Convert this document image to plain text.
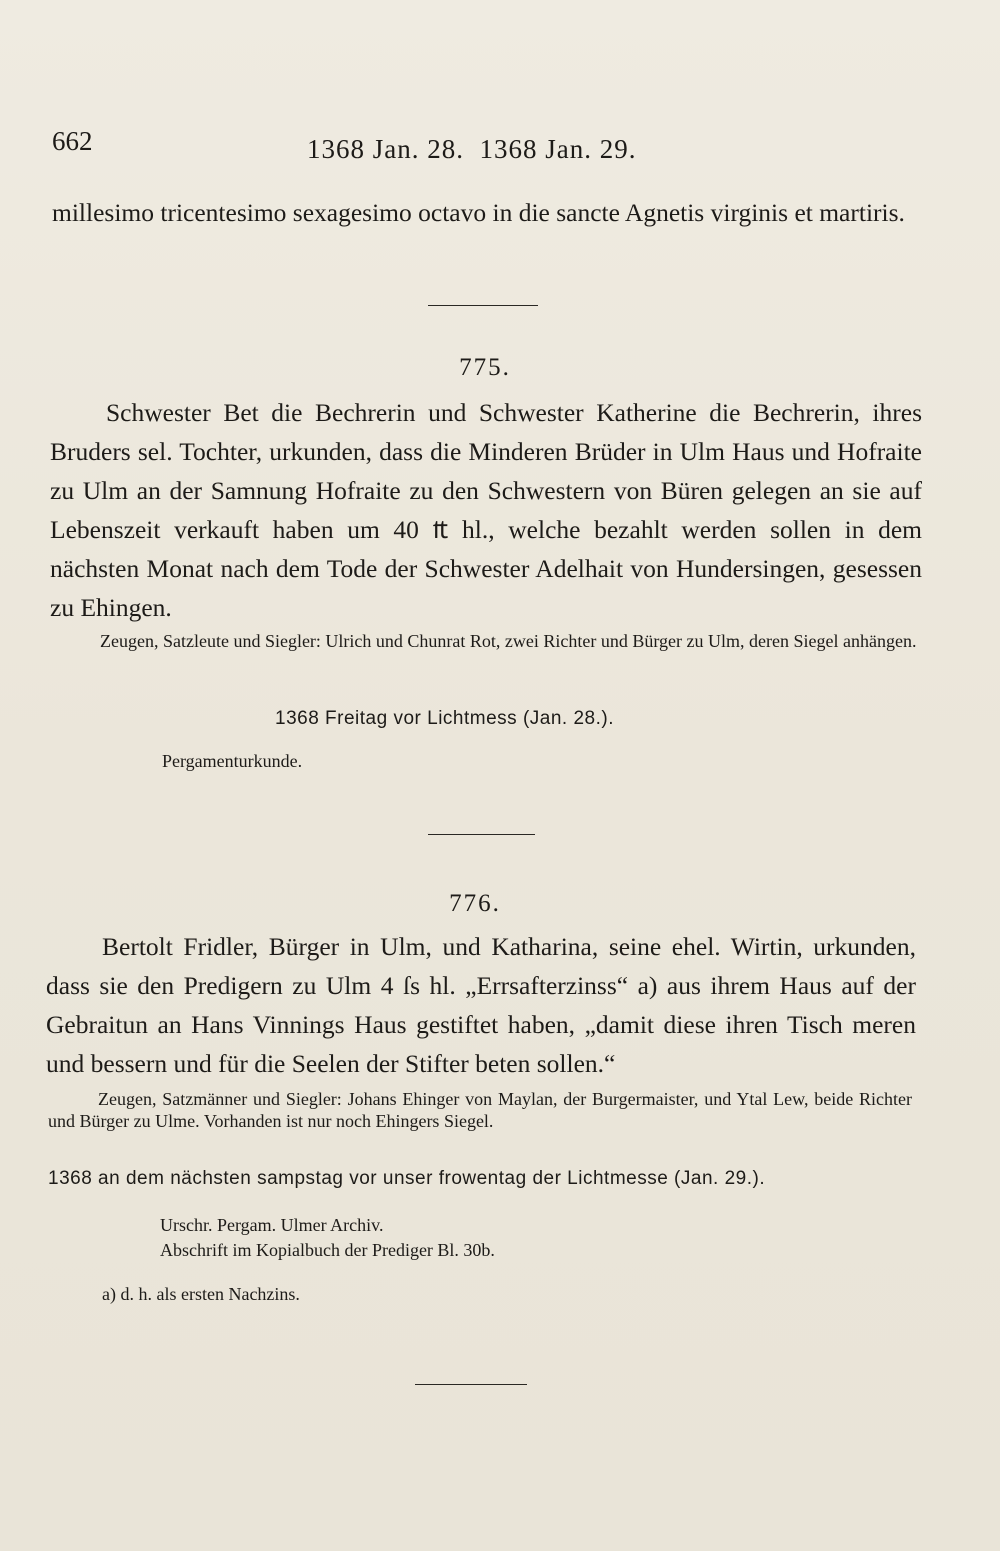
662	1368 Jan. 28.  1368 Jan. 29.
millesimo tricentesimo sexagesimo octavo in die sancte Agnetis virginis et martiris.
775.
Schwester Bet die Bechrerin und Schwester Katherine die Bechrerin, ihres Bruders sel. Tochter, urkunden, dass die Minderen Brüder in Ulm Haus und Hofraite zu Ulm an der Samnung Hofraite zu den Schwestern von Büren gelegen an sie auf Lebenszeit verkauft haben um 40 ₶ hl., welche bezahlt werden sollen in dem nächsten Monat nach dem Tode der Schwester Adelhait von Hundersingen, gesessen zu Ehingen.
Zeugen, Satzleute und Siegler: Ulrich und Chunrat Rot, zwei Richter und Bürger zu Ulm, deren Siegel anhängen.
1368 Freitag vor Lichtmess (Jan. 28.).
Pergamenturkunde.
776.
Bertolt Fridler, Bürger in Ulm, und Katharina, seine ehel. Wirtin, urkunden, dass sie den Predigern zu Ulm 4 ſs hl. „Errsafterzinss“ a) aus ihrem Haus auf der Gebraitun an Hans Vinnings Haus gestiftet haben, „damit diese ihren Tisch meren und bessern und für die Seelen der Stifter beten sollen.“
Zeugen, Satzmänner und Siegler: Johans Ehinger von Maylan, der Burgermaister, und Ytal Lew, beide Richter und Bürger zu Ulme. Vorhanden ist nur noch Ehingers Siegel.
1368 an dem nächsten sampstag vor unser frowentag der Lichtmesse (Jan. 29.).
Urschr. Pergam. Ulmer Archiv.
Abschrift im Kopialbuch der Prediger Bl. 30b.
a) d. h. als ersten Nachzins.
